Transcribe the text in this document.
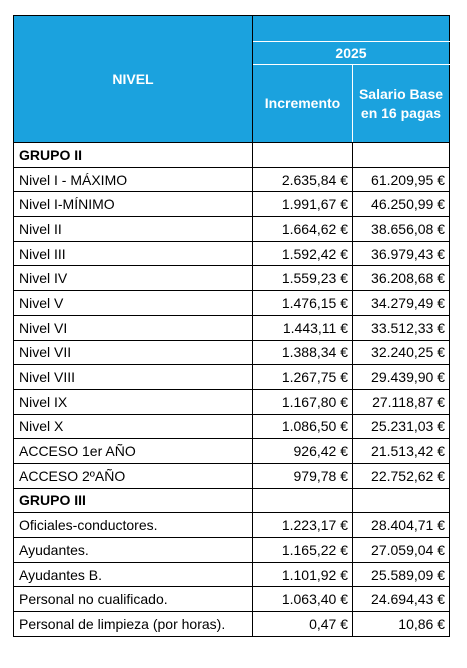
NIVEL		
	2025	
	Incremento	Salario Base
en 16 pagas
GRUPO II		
Nivel I - MÁXIMO	2.635,84 €	61.209,95 €
Nivel I-MÍNIMO	1.991,67 €	46.250,99 €
Nivel II	1.664,62 €	38.656,08 €
Nivel III	1.592,42 €	36.979,43 €
Nivel IV	1.559,23 €	36.208,68 €
Nivel V	1.476,15 €	34.279,49 €
Nivel VI	1.443,11 €	33.512,33 €
Nivel VII	1.388,34 €	32.240,25 €
Nivel VIII	1.267,75 €	29.439,90 €
Nivel IX	1.167,80 €	27.118,87 €
Nivel X	1.086,50 €	25.231,03 €
ACCESO 1er AÑO	926,42 €	21.513,42 €
ACCESO 2ºAÑO	979,78 €	22.752,62 €
GRUPO III		
Oficiales-conductores.	1.223,17 €	28.404,71 €
Ayudantes.	1.165,22 €	27.059,04 €
Ayudantes B.	1.101,92 €	25.589,09 €
Personal no cualificado.	1.063,40 €	24.694,43 €
Personal de limpieza (por horas).	0,47 €	10,86 €
